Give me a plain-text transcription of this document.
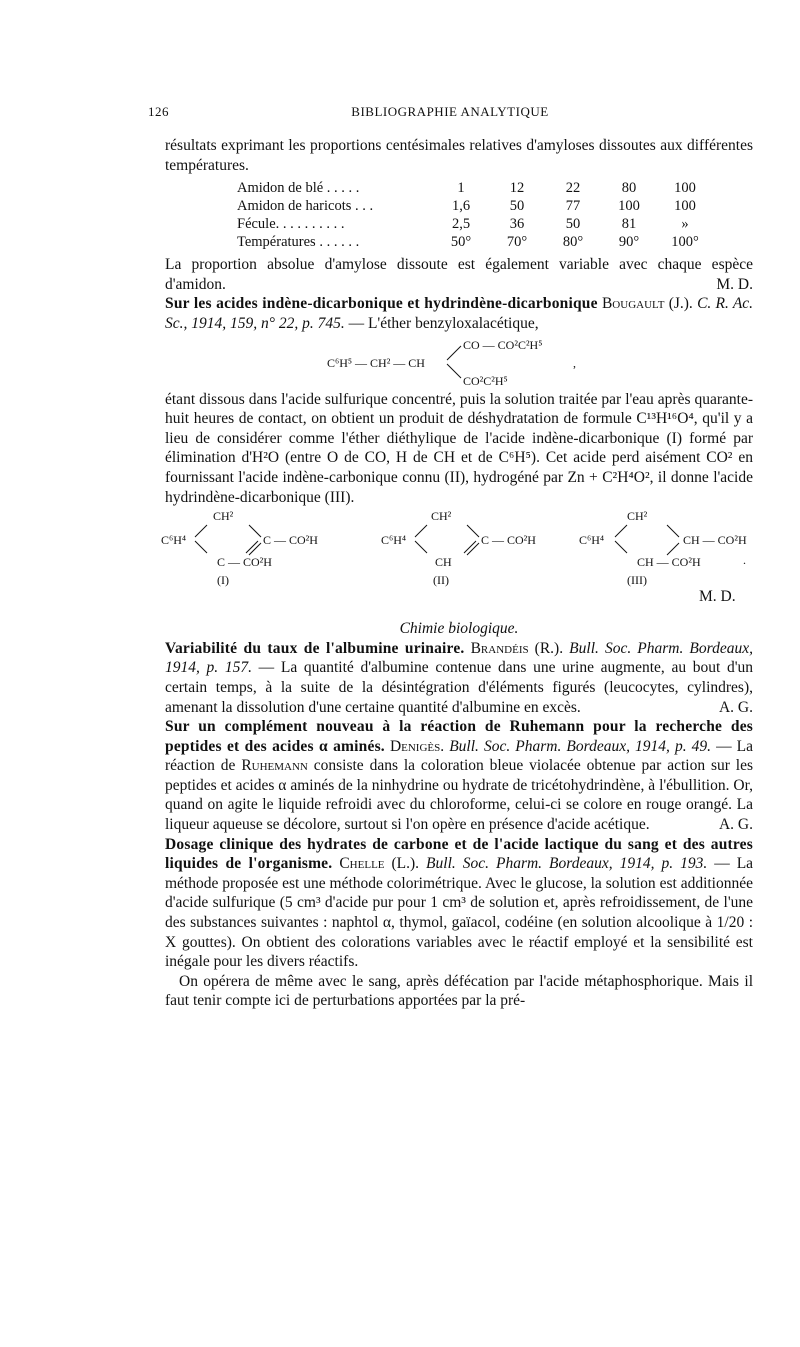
126	BIBLIOGRAPHIE ANALYTIQUE

résultats exprimant les proportions centésimales relatives d'amyloses dissoutes aux différentes températures.

Amidon de blé . . . . .	1	12	22	80	100
Amidon de haricots . . .	1,6	50	77	100	100
Fécule. . . . . . . . . .	2,5	36	50	81	»
Températures . . . . . .	50°	70°	80°	90°	100°

La proportion absolue d'amylose dissoute est également variable avec chaque espèce d'amidon.	M. D.

Sur les acides indène-dicarbonique et hydrindène-dicarbonique Bougault (J.). C. R. Ac. Sc., 1914, 159, n° 22, p. 745. — L'éther benzyloxalacétique,

C⁶H⁵ — CH² — CH
CO — CO²C²H⁵
CO²C²H⁵
,

étant dissous dans l'acide sulfurique concentré, puis la solution traitée par l'eau après quarante-huit heures de contact, on obtient un produit de déshydratation de formule C¹³H¹⁶O⁴, qu'il y a lieu de considérer comme l'éther diéthylique de l'acide indène-dicarbonique (I) formé par élimination d'H²O (entre O de CO, H de CH et de C⁶H⁵). Cet acide perd aisément CO² en fournissant l'acide indène-carbonique connu (II), hydrogéné par Zn + C²H⁴O², il donne l'acide hydrindène-dicarbonique (III).

CH²
C⁶H⁴	C — CO²H
C — CO²H
(I)
CH²
C⁶H⁴	C — CO²H
CH
(II)
CH²
C⁶H⁴	CH — CO²H
CH — CO²H
(III)
.
M. D.

Chimie biologique.

Variabilité du taux de l'albumine urinaire. Brandéis (R.). Bull. Soc. Pharm. Bordeaux, 1914, p. 157. — La quantité d'albumine contenue dans une urine augmente, au bout d'un certain temps, à la suite de la désintégration d'éléments figurés (leucocytes, cylindres), amenant la dissolution d'une certaine quantité d'albumine en excès.	A. G.

Sur un complément nouveau à la réaction de Ruhemann pour la recherche des peptides et des acides α aminés. Denigès. Bull. Soc. Pharm. Bordeaux, 1914, p. 49. — La réaction de Ruhemann consiste dans la coloration bleue violacée obtenue par action sur les peptides et acides α aminés de la ninhydrine ou hydrate de tricétohydrindène, à l'ébullition. Or, quand on agite le liquide refroidi avec du chloroforme, celui-ci se colore en rouge orangé. La liqueur aqueuse se décolore, surtout si l'on opère en présence d'acide acétique.	A. G.

Dosage clinique des hydrates de carbone et de l'acide lactique du sang et des autres liquides de l'organisme. Chelle (L.). Bull. Soc. Pharm. Bordeaux, 1914, p. 193. — La méthode proposée est une méthode colorimétrique. Avec le glucose, la solution est additionnée d'acide sulfurique (5 cm³ d'acide pur pour 1 cm³ de solution et, après refroidissement, de l'une des substances suivantes : naphtol α, thymol, gaïacol, codéine (en solution alcoolique à 1/20 : X gouttes). On obtient des colorations variables avec le réactif employé et la sensibilité est inégale pour les divers réactifs.

On opérera de même avec le sang, après défécation par l'acide métaphosphorique. Mais il faut tenir compte ici de perturbations apportées par la pré-
